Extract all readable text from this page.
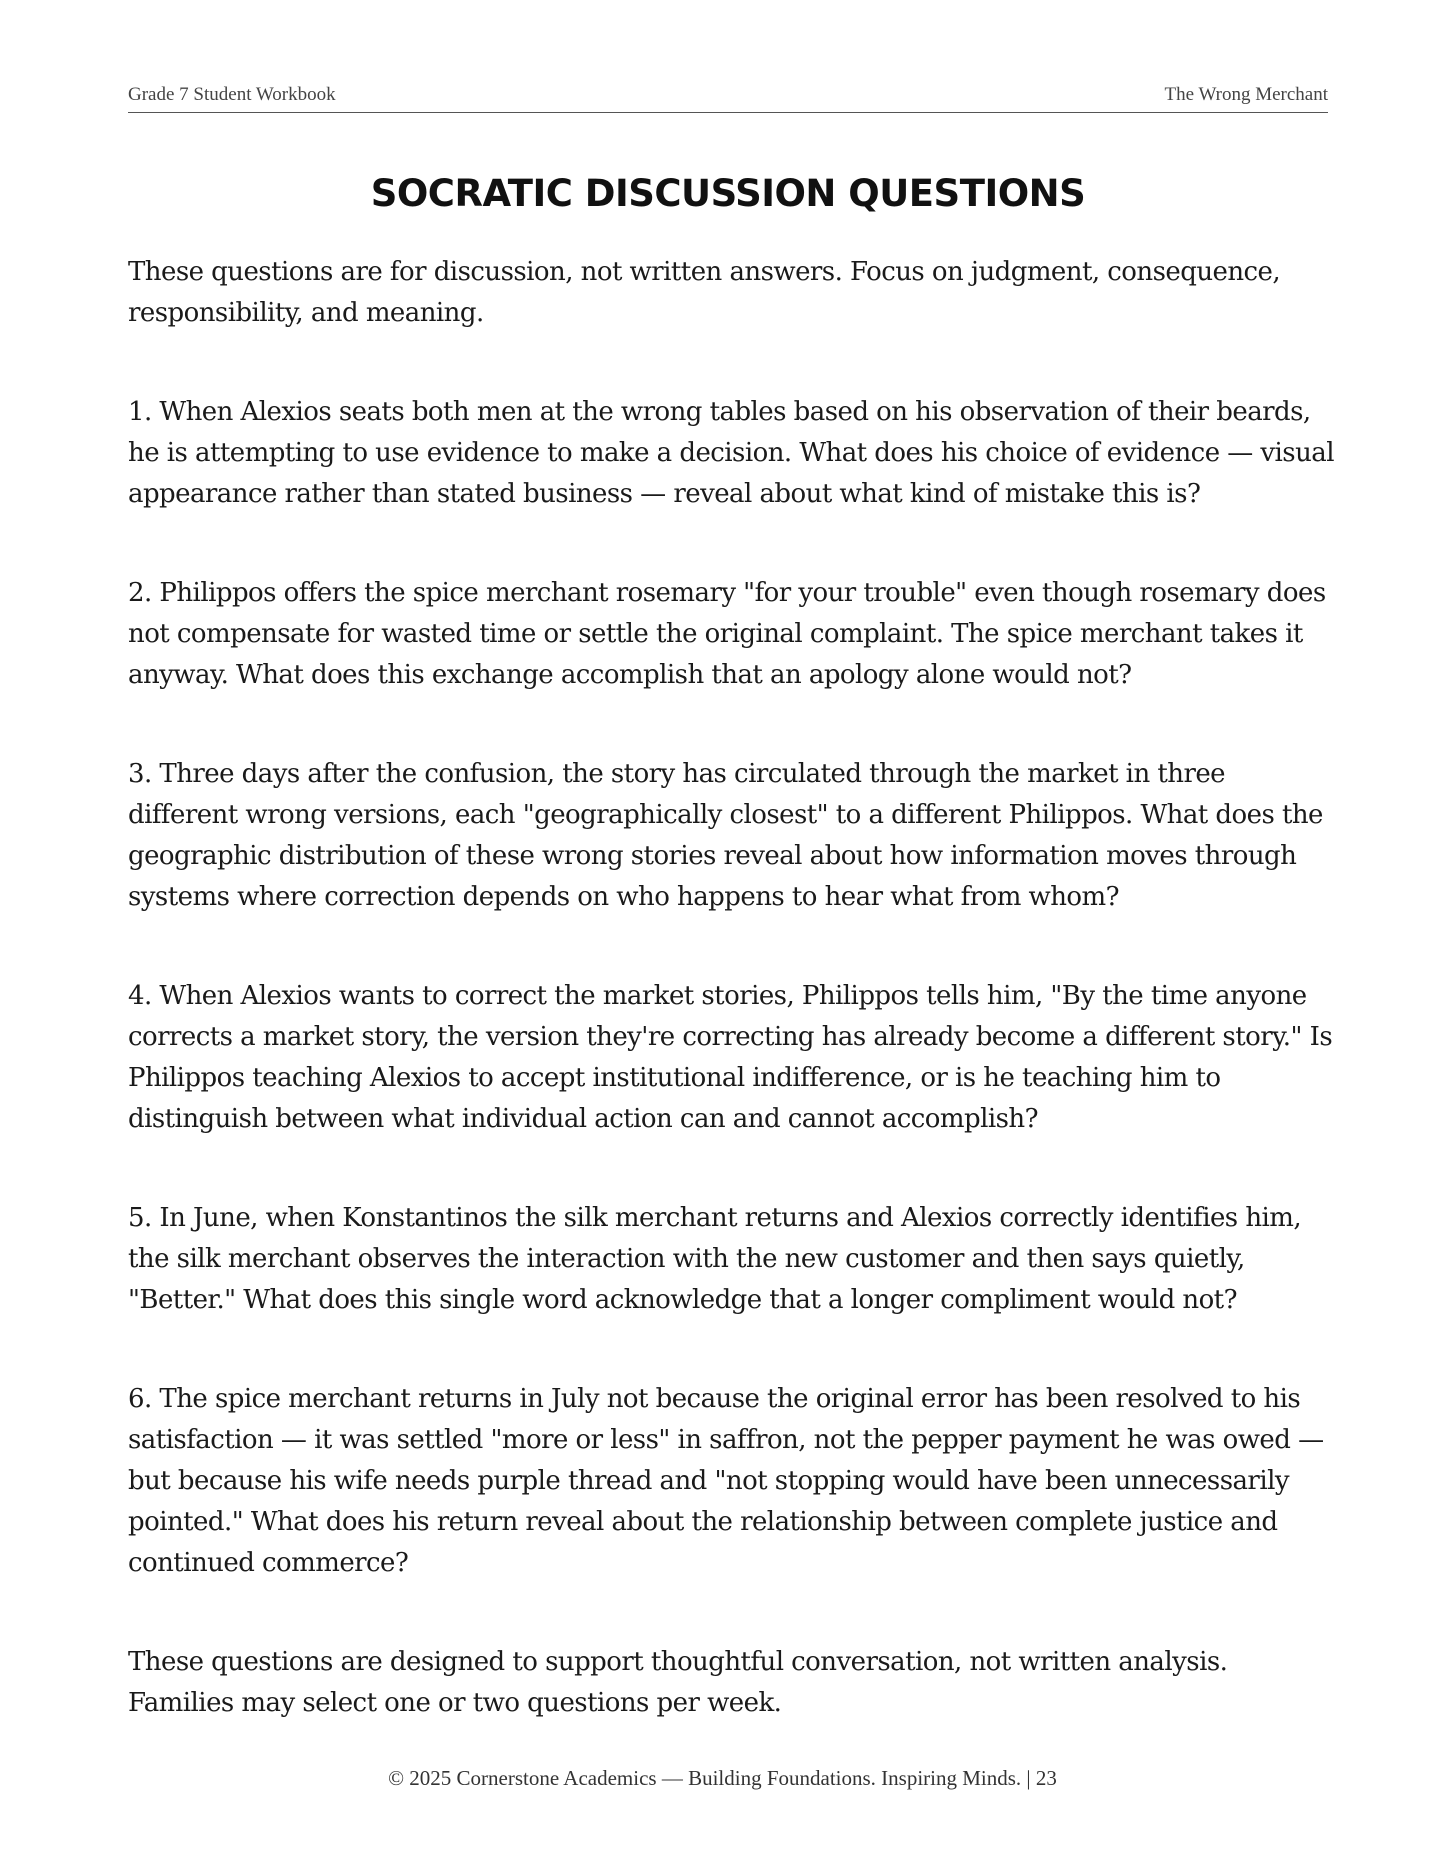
Grade 7 Student Workbook	The Wrong Merchant
SOCRATIC DISCUSSION QUESTIONS

These questions are for discussion, not written answers. Focus on judgment, consequence, responsibility, and meaning.

1. When Alexios seats both men at the wrong tables based on his observation of their beards, he is attempting to use evidence to make a decision. What does his choice of evidence — visual appearance rather than stated business — reveal about what kind of mistake this is?

2. Philippos offers the spice merchant rosemary "for your trouble" even though rosemary does not compensate for wasted time or settle the original complaint. The spice merchant takes it anyway. What does this exchange accomplish that an apology alone would not?

3. Three days after the confusion, the story has circulated through the market in three different wrong versions, each "geographically closest" to a different Philippos. What does the geographic distribution of these wrong stories reveal about how information moves through systems where correction depends on who happens to hear what from whom?

4. When Alexios wants to correct the market stories, Philippos tells him, "By the time anyone corrects a market story, the version they're correcting has already become a different story." Is Philippos teaching Alexios to accept institutional indifference, or is he teaching him to distinguish between what individual action can and cannot accomplish?

5. In June, when Konstantinos the silk merchant returns and Alexios correctly identifies him, the silk merchant observes the interaction with the new customer and then says quietly, "Better." What does this single word acknowledge that a longer compliment would not?

6. The spice merchant returns in July not because the original error has been resolved to his satisfaction — it was settled "more or less" in saffron, not the pepper payment he was owed — but because his wife needs purple thread and "not stopping would have been unnecessarily pointed." What does his return reveal about the relationship between complete justice and continued commerce?

These questions are designed to support thoughtful conversation, not written analysis. Families may select one or two questions per week.

© 2025 Cornerstone Academics — Building Foundations. Inspiring Minds. | 23
